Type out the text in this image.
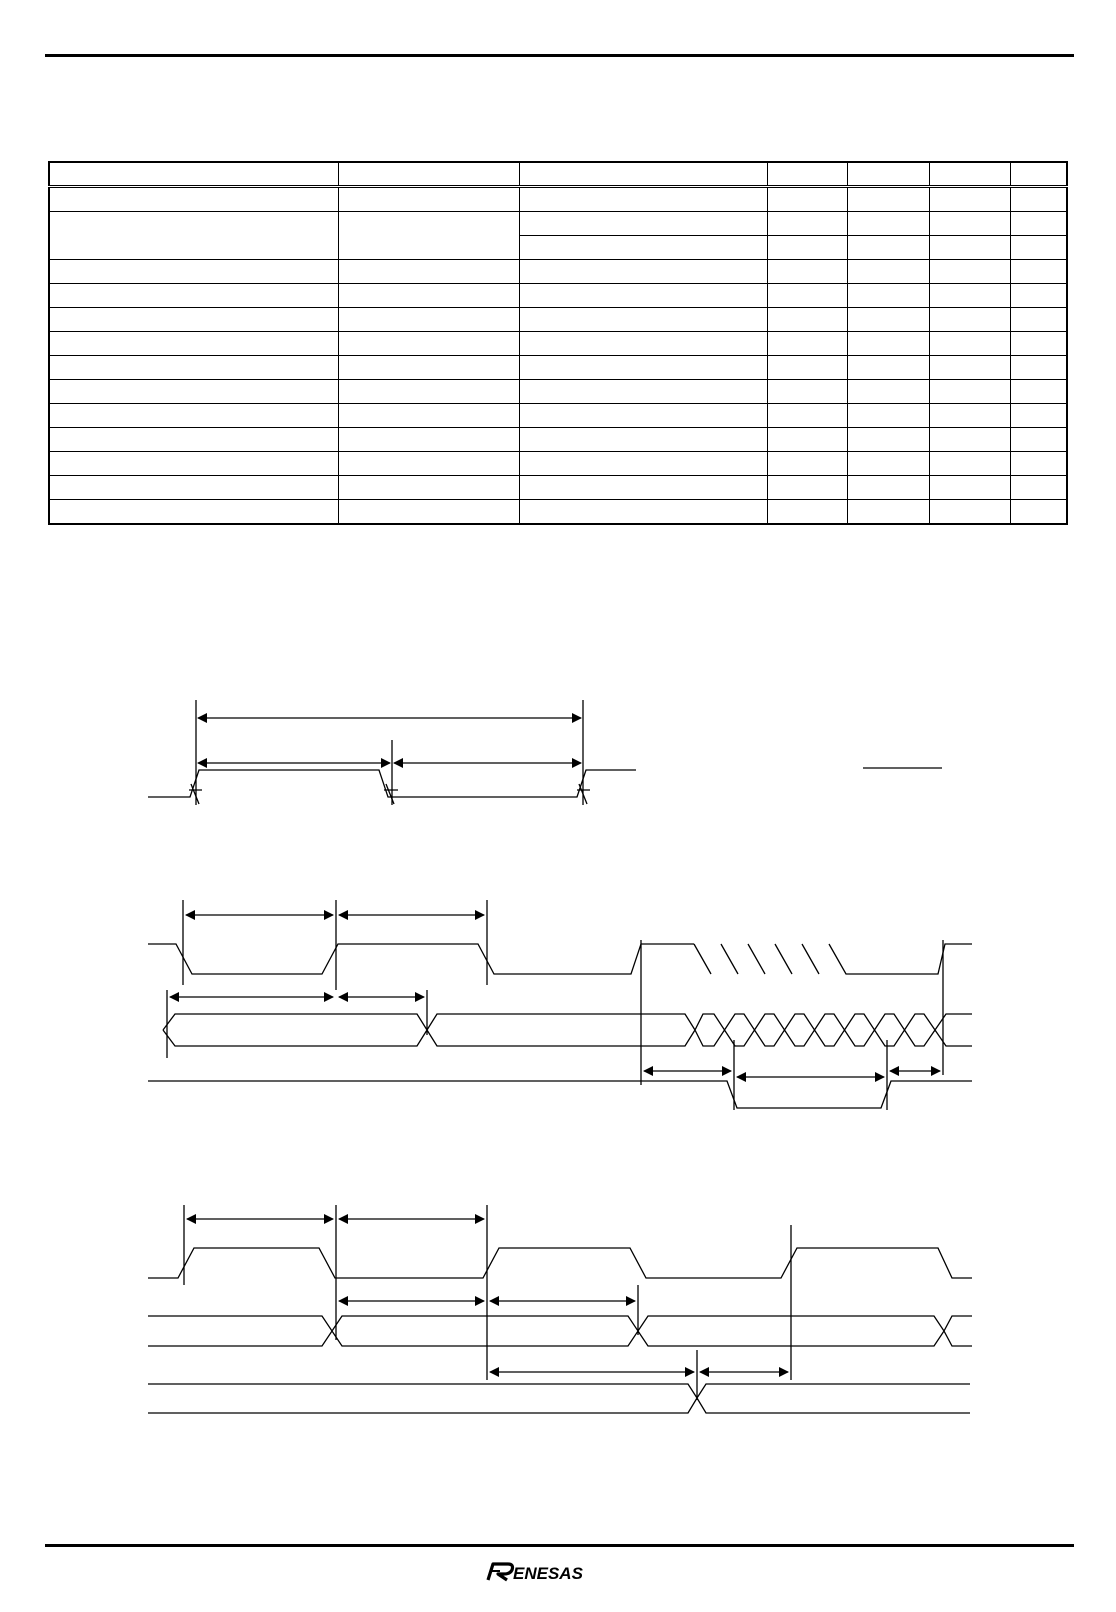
ENESAS
